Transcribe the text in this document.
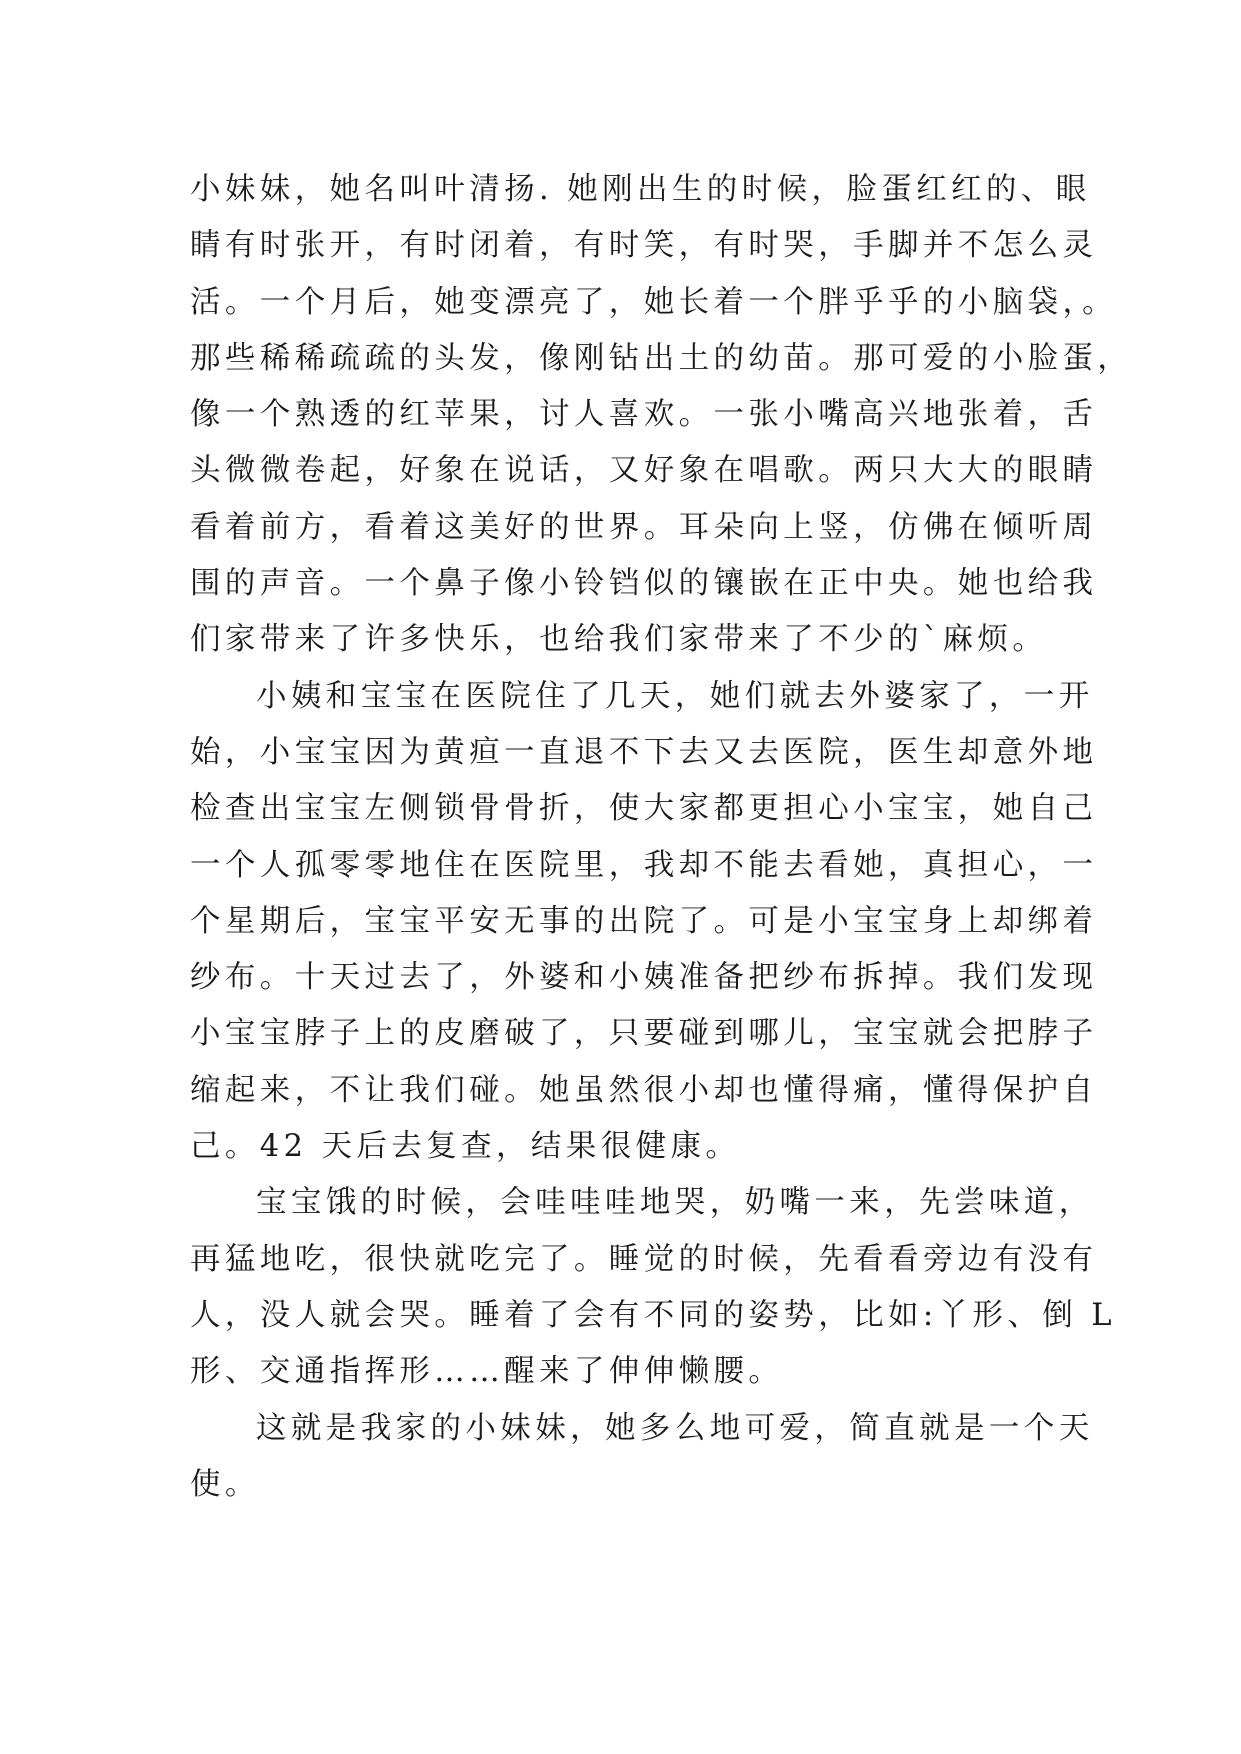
小妹妹，她名叫叶清扬. 她刚出生的时候，脸蛋红红的、眼
睛有时张开，有时闭着，有时笑，有时哭，手脚并不怎么灵
活。一个月后，她变漂亮了，她长着一个胖乎乎的小脑袋，。
那些稀稀疏疏的头发，像刚钻出土的幼苗。那可爱的小脸蛋，
像一个熟透的红苹果，讨人喜欢。一张小嘴高兴地张着，舌
头微微卷起，好象在说话，又好象在唱歌。两只大大的眼睛
看着前方，看着这美好的世界。耳朵向上竖，仿佛在倾听周
围的声音。一个鼻子像小铃铛似的镶嵌在正中央。她也给我
们家带来了许多快乐，也给我们家带来了不少的`麻烦。
小姨和宝宝在医院住了几天，她们就去外婆家了，一开
始，小宝宝因为黄疸一直退不下去又去医院，医生却意外地
检查出宝宝左侧锁骨骨折，使大家都更担心小宝宝，她自己
一个人孤零零地住在医院里，我却不能去看她，真担心，一
个星期后，宝宝平安无事的出院了。可是小宝宝身上却绑着
纱布。十天过去了，外婆和小姨准备把纱布拆掉。我们发现
小宝宝脖子上的皮磨破了，只要碰到哪儿，宝宝就会把脖子
缩起来，不让我们碰。她虽然很小却也懂得痛，懂得保护自
己。42 天后去复查，结果很健康。
宝宝饿的时候，会哇哇哇地哭，奶嘴一来，先尝味道，
再猛地吃，很快就吃完了。睡觉的时候，先看看旁边有没有
人，没人就会哭。睡着了会有不同的姿势，比如:丫形、倒 L
形、交通指挥形……醒来了伸伸懒腰。
这就是我家的小妹妹，她多么地可爱，简直就是一个天
使。
